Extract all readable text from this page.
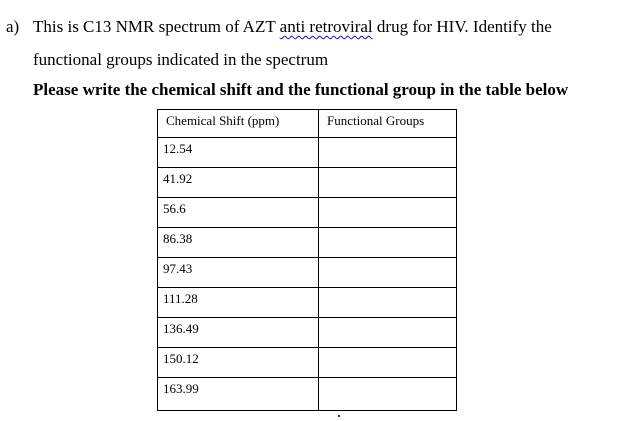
a) This is C13 NMR spectrum of AZT anti retroviral drug for HIV. Identify the
functional groups indicated in the spectrum
Please write the chemical shift and the functional group in the table below
Chemical Shift (ppm)	Functional Groups
12.54	
41.92	
56.6	
86.38	
97.43	
111.28	
136.49	
150.12	
163.99	
